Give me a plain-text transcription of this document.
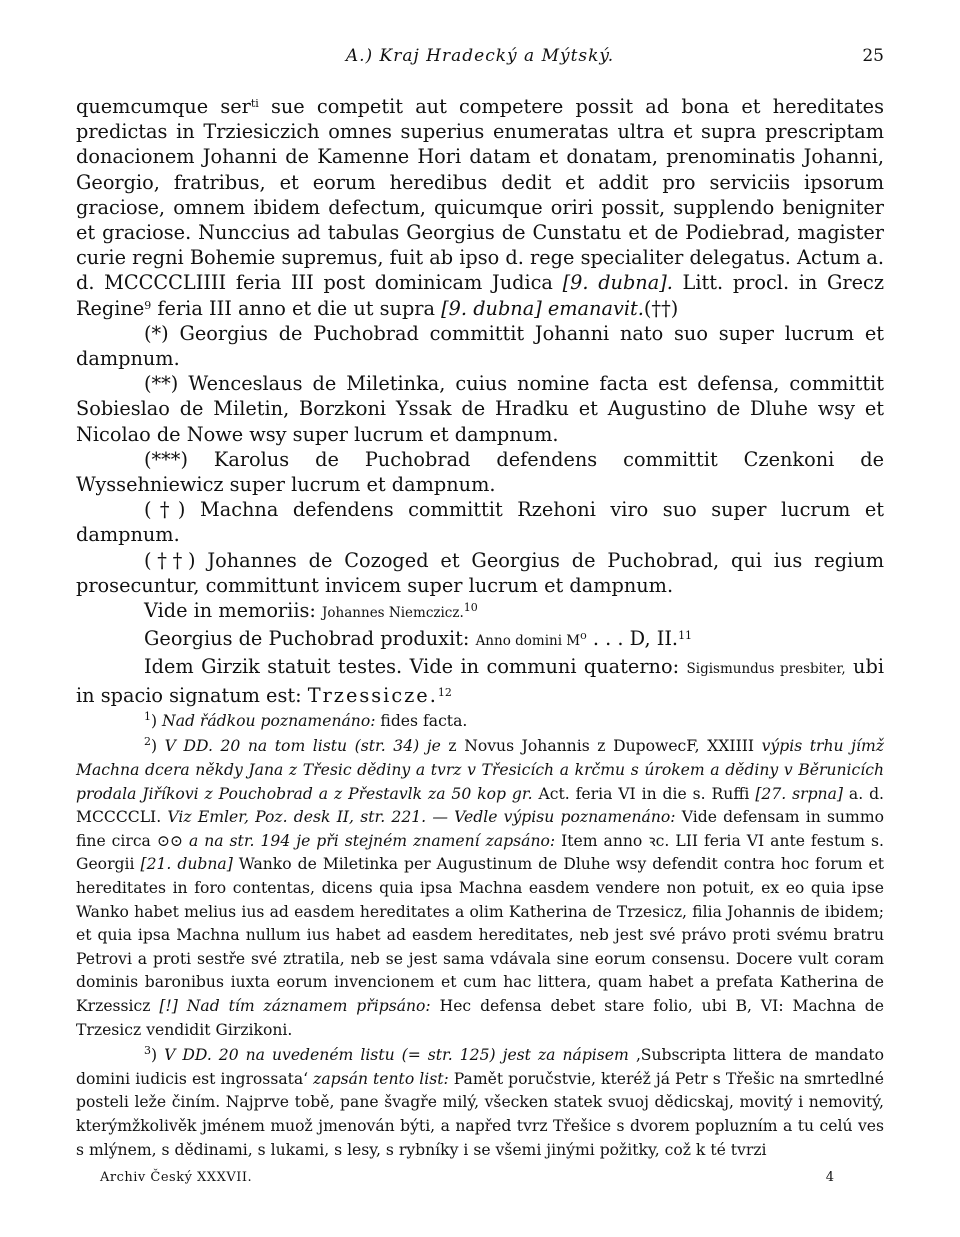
A.) Kraj Hradecký a Mýtský.	25

quemcumque ser$^{ti}$ sue competit aut competere possit ad bona et hereditates predictas in Trziesiczich omnes superius enumeratas ultra et supra prescriptam donacionem Johanni de Kamenne Hori datam et donatam, prenominatis Johanni, Georgio, fratribus, et eorum heredibus dedit et addit pro serviciis ipsorum graciose, omnem ibidem defectum, quicumque oriri possit, supplendo benigniter et graciose. Nunccius ad tabulas Georgius de Cunstatu et de Podiebrad, magister curie regni Bohemie supremus, fuit ab ipso d. rege specialiter delegatus. Actum a. d. MCCCCLIIII feria III post dominicam Judica [9. dubna]. Litt. procl. in Grecz Regine$^9$ feria III anno et die ut supra [9. dubna] emanavit.(††)

(*) Georgius de Puchobrad committit Johanni nato suo super lucrum et dampnum.

(**) Wenceslaus de Miletinka, cuius nomine facta est defensa, committit Sobieslao de Miletin, Borzkoni Yssak de Hradku et Augustino de Dluhe wsy et Nicolao de Nowe wsy super lucrum et dampnum.

(***) Karolus de Puchobrad defendens committit Czenkoni de Wyssehniewicz super lucrum et dampnum.

(†) Machna defendens committit Rzehoni viro suo super lucrum et dampnum.

(††) Johannes de Cozoged et Georgius de Puchobrad, qui ius regium prosecuntur, committunt invicem super lucrum et dampnum.

Vide in memoriis: Johannes Niemczicz.$^{10}$

Georgius de Puchobrad produxit: Anno domini $M^o$ . . . D, II.$^{11}$

Idem Girzik statuit testes. Vide in communi quaterno: Sigismundus presbiter, ubi in spacio signatum est: Trzessicze.$^{12}$

$^1$) Nad řádkou poznamenáno: fides facta.

$^2$) V DD. 20 na tom listu (str. 34) je z Novus Johannis z DupowecF, XXIIII výpis trhu jímž Machna dcera někdy Jana z Třesic dědiny a tvrz v Třesicích a krčmu s úrokem a dědiny v Běrunicích prodala Jiříkovi z Pouchobrad a z Přestavlk za 50 kop gr. Act. feria VI in die s. Ruffi [27. srpna] a. d. MCCCCLI. Viz Emler, Poz. desk II, str. 221. — Vedle výpisu poznamenáno: Vide defensam in summo fine circa ⊙⊙ a na str. 194 je při stejném znamení zapsáno: Item anno ꝛc. LII feria VI ante festum s. Georgii [21. dubna] Wanko de Miletinka per Augustinum de Dluhe wsy defendit contra hoc forum et hereditates in foro contentas, dicens quia ipsa Machna easdem vendere non potuit, ex eo quia ipse Wanko habet melius ius ad easdem hereditates a olim Katherina de Trzesicz, filia Johannis de ibidem; et quia ipsa Machna nullum ius habet ad easdem hereditates, neb jest své právo proti svému bratru Petrovi a proti sestře své ztratila, neb se jest sama vdávala sine eorum consensu. Docere vult coram dominis baronibus iuxta eorum invencionem et cum hac littera, quam habet a prefata Katherina de Krzessicz [!] Nad tím záznamem připsáno: Hec defensa debet stare folio, ubi B, VI: Machna de Trzesicz vendidit Girzikoni.

$^3$) V DD. 20 na uvedeném listu (= str. 125) jest za nápisem ‚Subscripta littera de mandato domini iudicis est ingrossata‘ zapsán tento list: Pamět poručstvie, kteréž já Petr s Třešic na smrtedlné posteli leže činím. Najprve tobě, pane švagře milý, všecken statek svuoj dědicskaj, movitý i nemovitý, kterýmžkolivěk jménem muož jmenován býti, a napřed tvrz Třešice s dvorem popluzním a tu celú ves s mlýnem, s dědinami, s lukami, s lesy, s rybníky i se všemi jinými požitky, což k té tvrzi

Archiv Český XXXVII.	4
